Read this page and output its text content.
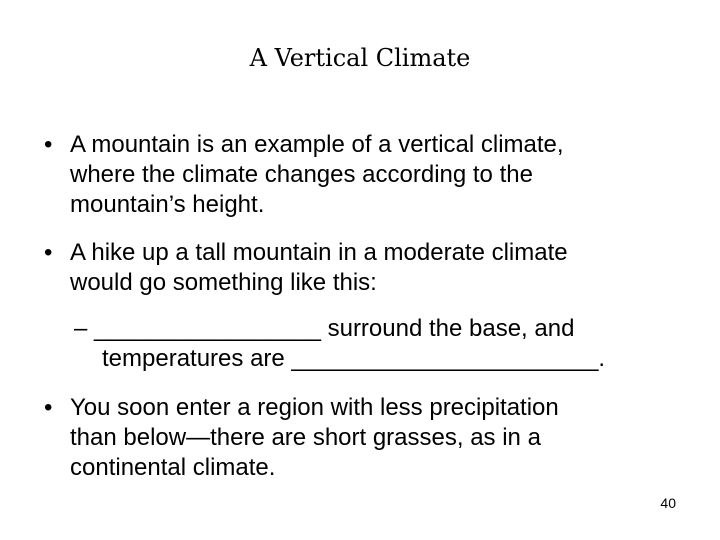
A Vertical Climate
• A mountain is an example of a vertical climate,
where the climate changes according to the
mountain’s height.
• A hike up a tall mountain in a moderate climate
would go something like this:
– _________________ surround the base, and
temperatures are _______________________.
• You soon enter a region with less precipitation
than below—there are short grasses, as in a
continental climate.
40
